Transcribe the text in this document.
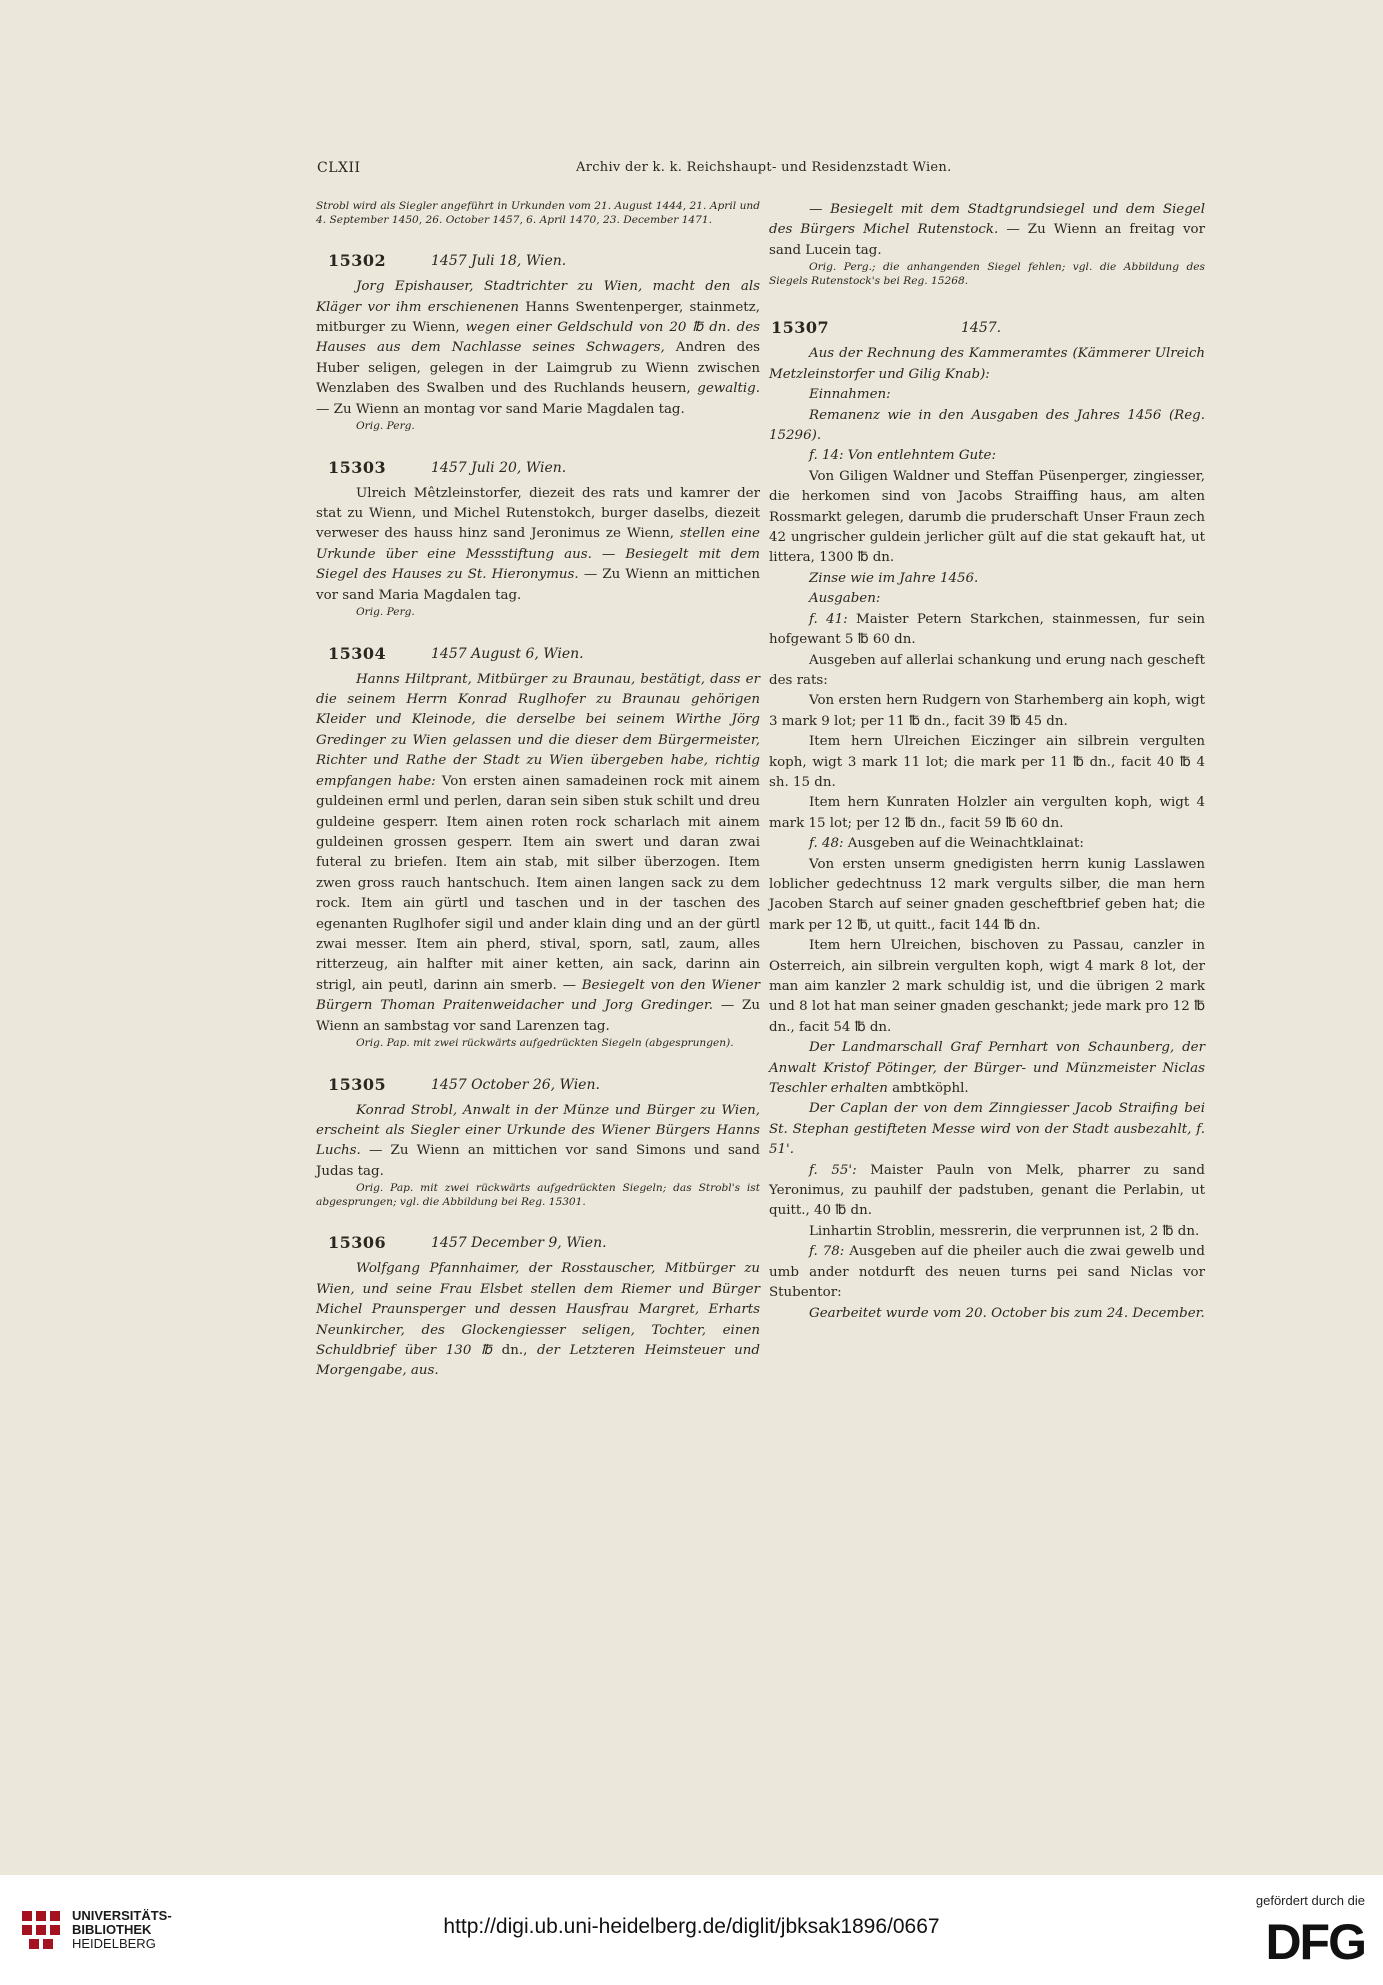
CLXII	Archiv der k. k. Reichshaupt- und Residenzstadt Wien.

Strobl wird als Siegler angeführt in Urkunden vom 21. August 1444, 21. April und 4. September 1450, 26. October 1457, 6. April 1470, 23. December 1471.

15302	1457 Juli 18, Wien.

Jorg Epishauser, Stadtrichter zu Wien, macht den als Kläger vor ihm erschienenen Hanns Swentenperger, stainmetz, mitburger zu Wienn, wegen einer Geldschuld von 20 ℔ dn. des Hauses aus dem Nachlasse seines Schwagers, Andren des Huber seligen, gelegen in der Laimgrub zu Wienn zwischen Wenzlaben des Swalben und des Ruchlands heusern, gewaltig. — Zu Wienn an montag vor sand Marie Magdalen tag.

Orig. Perg.

15303	1457 Juli 20, Wien.

Ulreich Mêtzleinstorfer, diezeit des rats und kamrer der stat zu Wienn, und Michel Rutenstokch, burger daselbs, diezeit verweser des hauss hinz sand Jeronimus ze Wienn, stellen eine Urkunde über eine Messstiftung aus. — Besiegelt mit dem Siegel des Hauses zu St. Hieronymus. — Zu Wienn an mittichen vor sand Maria Magdalen tag.

Orig. Perg.

15304	1457 August 6, Wien.

Hanns Hiltprant, Mitbürger zu Braunau, bestätigt, dass er die seinem Herrn Konrad Ruglhofer zu Braunau gehörigen Kleider und Kleinode, die derselbe bei seinem Wirthe Jörg Gredinger zu Wien gelassen und die dieser dem Bürgermeister, Richter und Rathe der Stadt zu Wien übergeben habe, richtig empfangen habe: Von ersten ainen samadeinen rock mit ainem guldeinen erml und perlen, daran sein siben stuk schilt und dreu guldeine gesperr. Item ainen roten rock scharlach mit ainem guldeinen grossen gesperr. Item ain swert und daran zwai futeral zu briefen. Item ain stab, mit silber überzogen. Item zwen gross rauch hantschuch. Item ainen langen sack zu dem rock. Item ain gürtl und taschen und in der taschen des egenanten Ruglhofer sigil und ander klain ding und an der gürtl zwai messer. Item ain pherd, stival, sporn, satl, zaum, alles ritterzeug, ain halfter mit ainer ketten, ain sack, darinn ain strigl, ain peutl, darinn ain smerb. — Besiegelt von den Wiener Bürgern Thoman Praitenweidacher und Jorg Gredinger. — Zu Wienn an sambstag vor sand Larenzen tag.

Orig. Pap. mit zwei rückwärts aufgedrückten Siegeln (abgesprungen).

15305	1457 October 26, Wien.

Konrad Strobl, Anwalt in der Münze und Bürger zu Wien, erscheint als Siegler einer Urkunde des Wiener Bürgers Hanns Luchs. — Zu Wienn an mittichen vor sand Simons und sand Judas tag.

Orig. Pap. mit zwei rückwärts aufgedrückten Siegeln; das Strobl's ist abgesprungen; vgl. die Abbildung bei Reg. 15301.

15306	1457 December 9, Wien.

Wolfgang Pfannhaimer, der Rosstauscher, Mitbürger zu Wien, und seine Frau Elsbet stellen dem Riemer und Bürger Michel Praunsperger und dessen Hausfrau Margret, Erharts Neunkircher, des Glockengiesser seligen, Tochter, einen Schuldbrief über 130 ℔ dn., der Letzteren Heimsteuer und Morgengabe, aus.

— Besiegelt mit dem Stadtgrundsiegel und dem Siegel des Bürgers Michel Rutenstock. — Zu Wienn an freitag vor sand Lucein tag.

Orig. Perg.; die anhangenden Siegel fehlen; vgl. die Abbildung des Siegels Rutenstock's bei Reg. 15268.

15307	1457.

Aus der Rechnung des Kammeramtes (Kämmerer Ulreich Metzleinstorfer und Gilig Knab):

Einnahmen:

Remanenz wie in den Ausgaben des Jahres 1456 (Reg. 15296).

f. 14: Von entlehntem Gute:

Von Giligen Waldner und Steffan Püsenperger, zingiesser, die herkomen sind von Jacobs Straiffing haus, am alten Rossmarkt gelegen, darumb die pruderschaft Unser Fraun zech 42 ungrischer guldein jerlicher gült auf die stat gekauft hat, ut littera, 1300 ℔ dn.

Zinse wie im Jahre 1456.

Ausgaben:

f. 41: Maister Petern Starkchen, stainmessen, fur sein hofgewant 5 ℔ 60 dn.

Ausgeben auf allerlai schankung und erung nach gescheft des rats:

Von ersten hern Rudgern von Starhemberg ain koph, wigt 3 mark 9 lot; per 11 ℔ dn., facit 39 ℔ 45 dn.

Item hern Ulreichen Eiczinger ain silbrein vergulten koph, wigt 3 mark 11 lot; die mark per 11 ℔ dn., facit 40 ℔ 4 sh. 15 dn.

Item hern Kunraten Holzler ain vergulten koph, wigt 4 mark 15 lot; per 12 ℔ dn., facit 59 ℔ 60 dn.

f. 48: Ausgeben auf die Weinachtklainat:

Von ersten unserm gnedigisten herrn kunig Lasslawen loblicher gedechtnuss 12 mark vergults silber, die man hern Jacoben Starch auf seiner gnaden gescheftbrief geben hat; die mark per 12 ℔, ut quitt., facit 144 ℔ dn.

Item hern Ulreichen, bischoven zu Passau, canzler in Osterreich, ain silbrein vergulten koph, wigt 4 mark 8 lot, der man aim kanzler 2 mark schuldig ist, und die übrigen 2 mark und 8 lot hat man seiner gnaden geschankt; jede mark pro 12 ℔ dn., facit 54 ℔ dn.

Der Landmarschall Graf Pernhart von Schaunberg, der Anwalt Kristof Pötinger, der Bürger- und Münzmeister Niclas Teschler erhalten ambtköphl.

Der Caplan der von dem Zinngiesser Jacob Straifing bei St. Stephan gestifteten Messe wird von der Stadt ausbezahlt, f. 51'.

f. 55': Maister Pauln von Melk, pharrer zu sand Yeronimus, zu pauhilf der padstuben, genant die Perlabin, ut quitt., 40 ℔ dn.

Linhartin Stroblin, messrerin, die verprunnen ist, 2 ℔ dn.

f. 78: Ausgeben auf die pheiler auch die zwai gewelb und umb ander notdurft des neuen turns pei sand Niclas vor Stubentor:

Gearbeitet wurde vom 20. October bis zum 24. December.

UNIVERSITÄTS-
BIBLIOTHEK
HEIDELBERG
http://digi.ub.uni-heidelberg.de/diglit/jbksak1896/0667
gefördert durch die
DFG
